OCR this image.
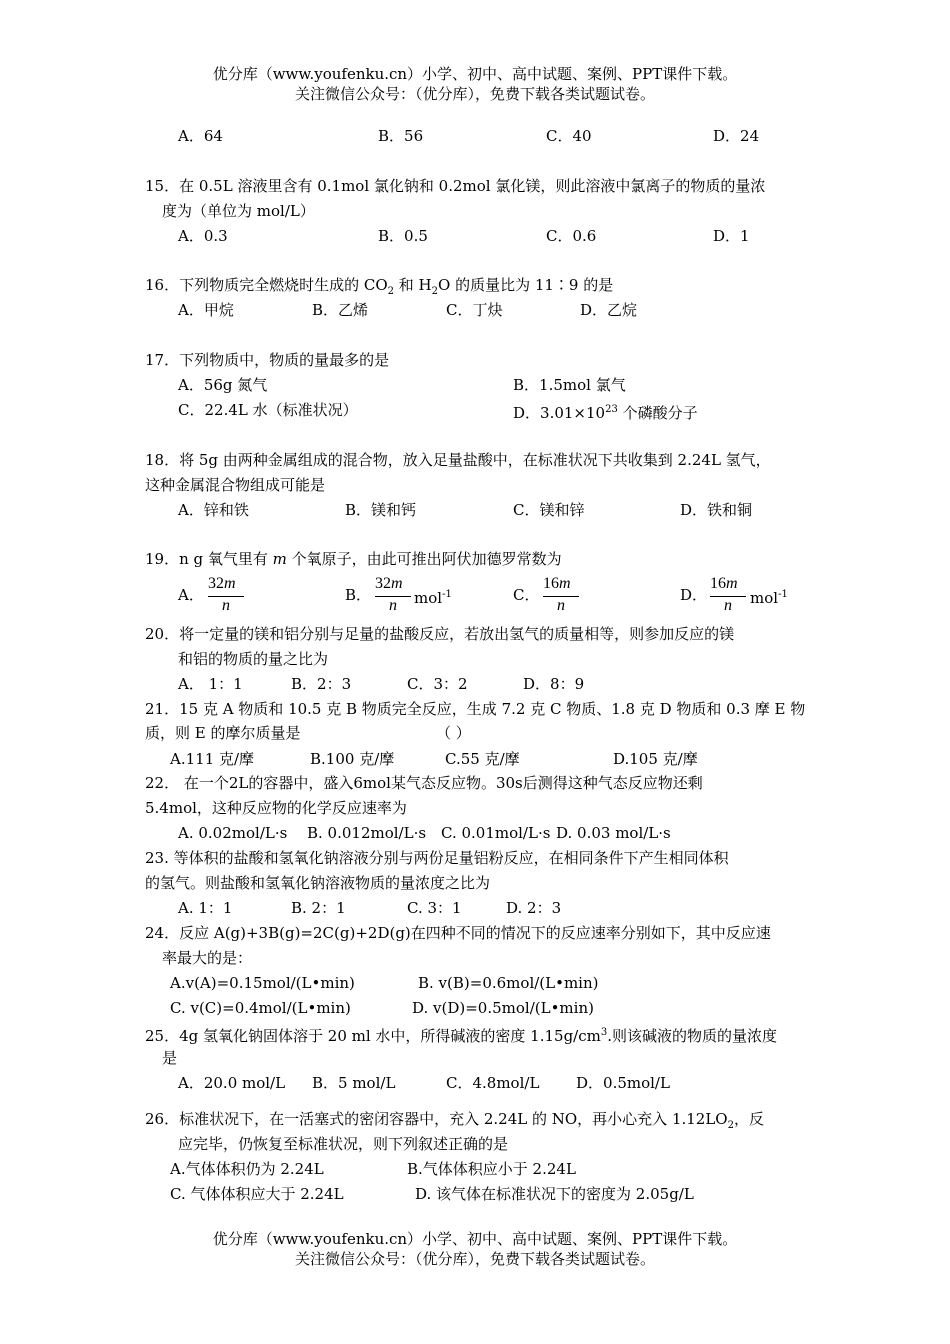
优分库（www.youfenku.cn）小学、初中、高中试题、案例、PPT课件下载。
关注微信公众号：（优分库），免费下载各类试题试卷。
A．64	B．56	C．40	D．24
15．在 0.5L 溶液里含有 0.1mol 氯化钠和 0.2mol 氯化镁，则此溶液中氯离子的物质的量浓
度为（单位为 mol/L）
A．0.3	B．0.5	C．0.6	D．1
16．下列物质完全燃烧时生成的 $CO_2$ 和 $H_2O$ 的质量比为 11∶9 的是
A．甲烷	B．乙烯	C．丁炔	D．乙烷
17．下列物质中，物质的量最多的是
A．56g 氮气	B．1.5mol 氯气
C．22.4L 水（标准状况）	D．$3.01\times 10^{23}$ 个磷酸分子
18．将 5g 由两种金属组成的混合物，放入足量盐酸中，在标准状况下共收集到 2.24L 氢气，
这种金属混合物组成可能是
A．锌和铁	B．镁和钙	C．镁和锌	D．铁和铜
19．n g 氧气里有 m 个氧原子，由此可推出阿伏加德罗常数为
A．
32m
n
B．
32m
n mol$^{-1}$	C．
16m
n
D．
16m
n mol$^{-1}$
20．将一定量的镁和铝分别与足量的盐酸反应，若放出氢气的质量相等，则参加反应的镁
和铝的物质的量之比为
A． 1：1	B．2：3	C．3：2	D．8：9
21．15 克 A 物质和 10.5 克 B 物质完全反应，生成 7.2 克 C 物质、1.8 克 D 物质和 0.3 摩 E 物
质，则 E 的摩尔质量是	（ ）
A.111 克/摩	B.100 克/摩	C.55 克/摩	D.105 克/摩
22． 在一个2L的容器中，盛入6mol某气态反应物。30s后测得这种气态反应物还剩
5.4mol，这种反应物的化学反应速率为
A. 0.02mol/L·s B. 0.012mol/L·s C. 0.01mol/L·s D. 0.03 mol/L·s
23. 等体积的盐酸和氢氧化钠溶液分别与两份足量铝粉反应，在相同条件下产生相同体积
的氢气。则盐酸和氢氧化钠溶液物质的量浓度之比为
A. 1：1	B. 2：1	C. 3：1	D. 2：3
24．反应 A(g)+3B(g)=2C(g)+2D(g)在四种不同的情况下的反应速率分别如下，其中反应速
率最大的是：
A.v(A)=0.15mol/(L•min)	B. v(B)=0.6mol/(L•min)
C. v(C)=0.4mol/(L•min)	D. v(D)=0.5mol/(L•min)
25．4g 氢氧化钠固体溶于 20 ml 水中，所得碱液的密度 $1.15g/cm^3$.则该碱液的物质的量浓度
是
A．20.0 mol/L B．5 mol/L	C．4.8mol/L D．0.5mol/L
26．标准状况下，在一活塞式的密闭容器中，充入 2.24L 的 NO，再小心充入 $1.12LO_2$，反
应完毕，仍恢复至标准状况，则下列叙述正确的是
A.气体体积仍为 2.24L	B.气体体积应小于 2.24L
C. 气体体积应大于 2.24L	D. 该气体在标准状况下的密度为 2.05g/L
优分库（www.youfenku.cn）小学、初中、高中试题、案例、PPT课件下载。
关注微信公众号：（优分库），免费下载各类试题试卷。
